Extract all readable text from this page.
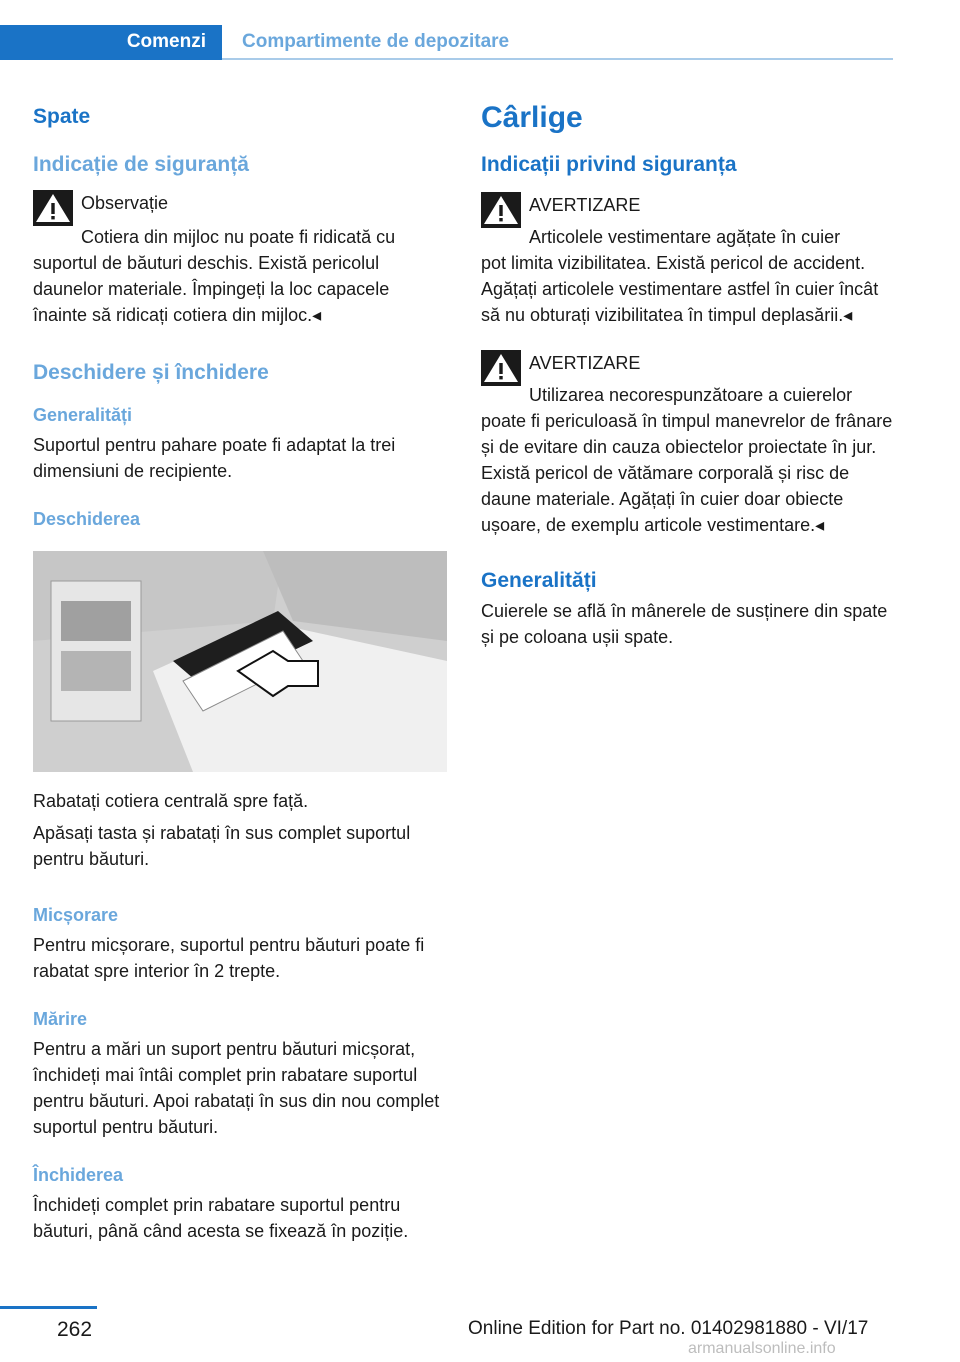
Comenzi Compartimente de depozitare
Spate
Indicație de siguranță

Observație

Cotiera din mijloc nu poate fi ridicată cu

suportul de băuturi deschis. Există pericolul daunelor materiale. Împingeți la loc capacele înainte să ridicați cotiera din mijloc.◂

Deschidere și închidere
Generalități

Suportul pentru pahare poate fi adaptat la trei dimensiuni de recipiente.

Deschiderea

Rabatați cotiera centrală spre față.

Apăsați tasta și rabatați în sus complet suportul pentru băuturi.

Micșorare

Pentru micșorare, suportul pentru băuturi poate fi rabatat spre interior în 2 trepte.

Mărire

Pentru a mări un suport pentru băuturi micșorat, închideți mai întâi complet prin rabatare suportul pentru băuturi. Apoi rabatați în sus din nou complet suportul pentru băuturi.

Închiderea

Închideți complet prin rabatare suportul pentru băuturi, până când acesta se fixează în poziție.

Cârlige
Indicații privind siguranța

AVERTIZARE

Articolele vestimentare agățate în cuier

pot limita vizibilitatea. Există pericol de accident. Agățați articolele vestimentare astfel în cuier încât să nu obturați vizibilitatea în timpul deplasării.◂

AVERTIZARE

Utilizarea necorespunzătoare a cuierelor

poate fi periculoasă în timpul manevrelor de frânare și de evitare din cauza obiectelor proiectate în jur. Există pericol de vătămare corporală și risc de daune materiale. Agățați în cuier doar obiecte ușoare, de exemplu articole vestimentare.◂

Generalități

Cuierele se află în mânerele de susținere din spate și pe coloana ușii spate.

262	Online Edition for Part no. 01402981880 - VI/17
armanualsonline.info
